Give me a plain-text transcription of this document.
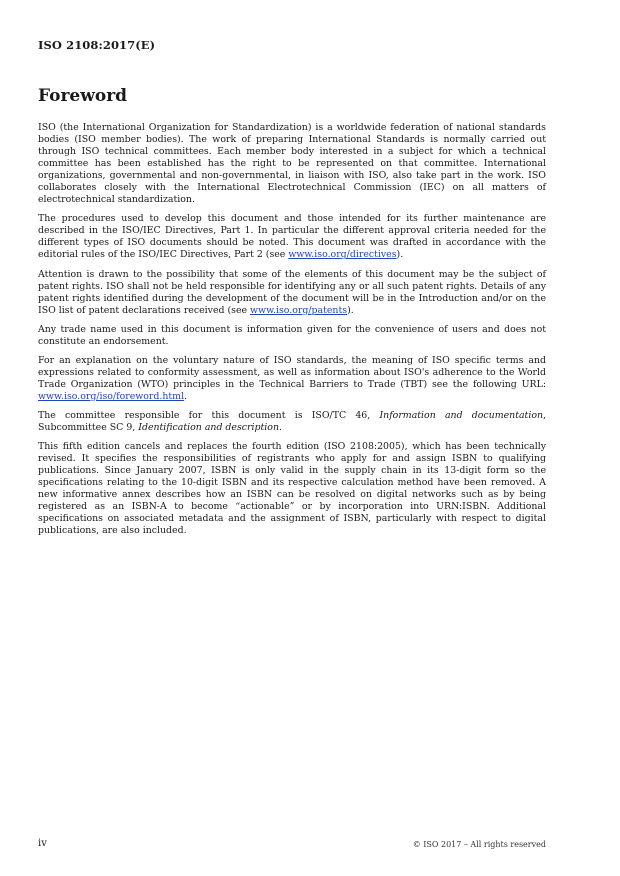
ISO 2108:2017(E)
Foreword

ISO (the International Organization for Standardization) is a worldwide federation of national standards bodies (ISO member bodies). The work of preparing International Standards is normally carried out through ISO technical committees. Each member body interested in a subject for which a technical committee has been established has the right to be represented on that committee. International organizations, governmental and non-governmental, in liaison with ISO, also take part in the work. ISO collaborates closely with the International Electrotechnical Commission (IEC) on all matters of electrotechnical standardization.

The procedures used to develop this document and those intended for its further maintenance are described in the ISO/IEC Directives, Part 1. In particular the different approval criteria needed for the different types of ISO documents should be noted. This document was drafted in accordance with the editorial rules of the ISO/IEC Directives, Part 2 (see www.iso.org/directives).

Attention is drawn to the possibility that some of the elements of this document may be the subject of patent rights. ISO shall not be held responsible for identifying any or all such patent rights. Details of any patent rights identified during the development of the document will be in the Introduction and/or on the ISO list of patent declarations received (see www.iso.org/patents).

Any trade name used in this document is information given for the convenience of users and does not constitute an endorsement.

For an explanation on the voluntary nature of ISO standards, the meaning of ISO specific terms and expressions related to conformity assessment, as well as information about ISO's adherence to the World Trade Organization (WTO) principles in the Technical Barriers to Trade (TBT) see the following URL: www.iso.org/iso/foreword.html.

The committee responsible for this document is ISO/TC 46, Information and documentation, Subcommittee SC 9, Identification and description.

This fifth edition cancels and replaces the fourth edition (ISO 2108:2005), which has been technically revised. It specifies the responsibilities of registrants who apply for and assign ISBN to qualifying publications. Since January 2007, ISBN is only valid in the supply chain in its 13-digit form so the specifications relating to the 10-digit ISBN and its respective calculation method have been removed. A new informative annex describes how an ISBN can be resolved on digital networks such as by being registered as an ISBN-A to become “actionable” or by incorporation into URN:ISBN. Additional specifications on associated metadata and the assignment of ISBN, particularly with respect to digital publications, are also included.

iv	© ISO 2017 – All rights reserved
